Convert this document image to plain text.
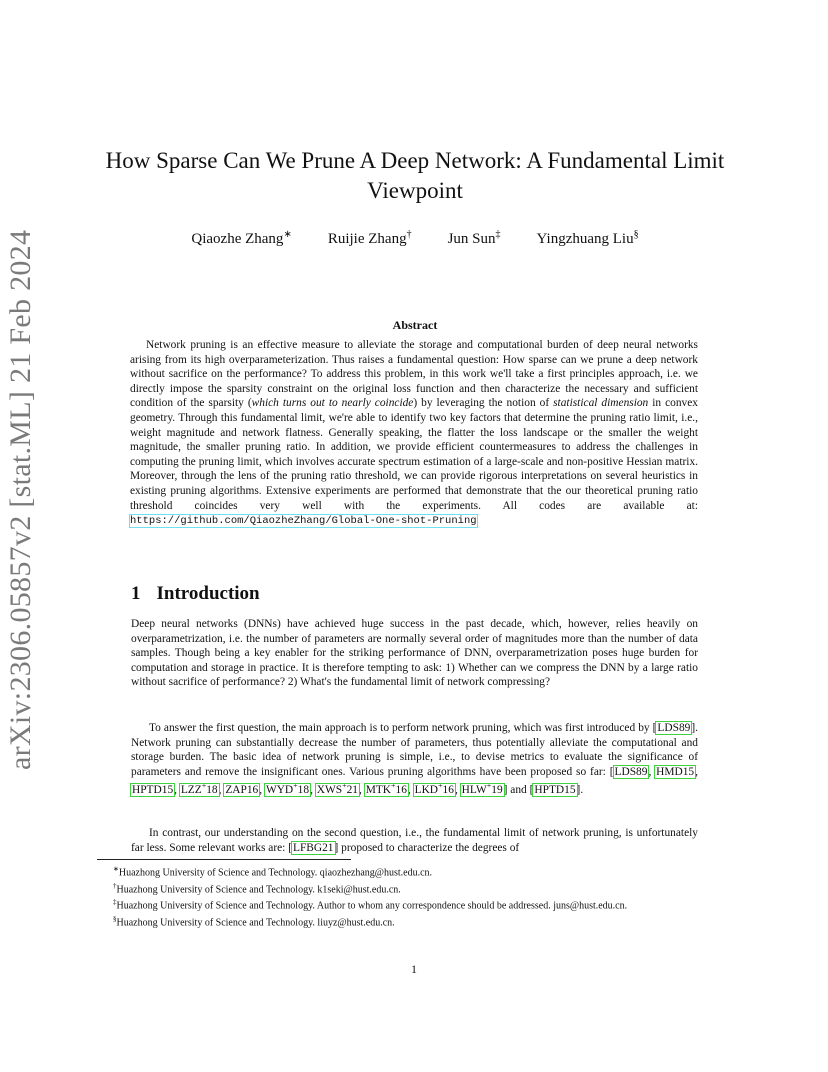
arXiv:2306.05857v2 [stat.ML] 21 Feb 2024
How Sparse Can We Prune A Deep Network: A Fundamental Limit Viewpoint
Qiaozhe Zhang∗ Ruijie Zhang† Jun Sun‡ Yingzhuang Liu§
Abstract

Network pruning is an effective measure to alleviate the storage and computational burden of deep neural networks arising from its high overparameterization. Thus raises a fundamental question: How sparse can we prune a deep network without sacrifice on the performance? To address this problem, in this work we'll take a first principles approach, i.e. we directly impose the sparsity constraint on the original loss function and then characterize the necessary and sufficient condition of the sparsity (which turns out to nearly coincide) by leveraging the notion of statistical dimension in convex geometry. Through this fundamental limit, we're able to identify two key factors that determine the pruning ratio limit, i.e., weight magnitude and network flatness. Generally speaking, the flatter the loss landscape or the smaller the weight magnitude, the smaller pruning ratio. In addition, we provide efficient countermeasures to address the challenges in computing the pruning limit, which involves accurate spectrum estimation of a large-scale and non-positive Hessian matrix. Moreover, through the lens of the pruning ratio threshold, we can provide rigorous interpretations on several heuristics in existing pruning algorithms. Extensive experiments are performed that demonstrate that the our theoretical pruning ratio threshold coincides very well with the experiments. All codes are available at: https://github.com/QiaozheZhang/Global-One-shot-Pruning

1 Introduction

Deep neural networks (DNNs) have achieved huge success in the past decade, which, however, relies heavily on overparametrization, i.e. the number of parameters are normally several order of magnitudes more than the number of data samples. Though being a key enabler for the striking performance of DNN, overparametrization poses huge burden for computation and storage in practice. It is therefore tempting to ask: 1) Whether can we compress the DNN by a large ratio without sacrifice of performance? 2) What's the fundamental limit of network compressing?

To answer the first question, the main approach is to perform network pruning, which was first introduced by [LDS89]. Network pruning can substantially decrease the number of parameters, thus potentially alleviate the computational and storage burden. The basic idea of network pruning is simple, i.e., to devise metrics to evaluate the significance of parameters and remove the insignificant ones. Various pruning algorithms have been proposed so far: [LDS89, HMD15, HPTD15, LZZ+18, ZAP16, WYD+18, XWS+21, MTK+16, LKD+16, HLW+19] and [HPTD15].

In contrast, our understanding on the second question, i.e., the fundamental limit of network pruning, is unfortunately far less. Some relevant works are: [LFBG21] proposed to characterize the degrees of

∗Huazhong University of Science and Technology. qiaozhezhang@hust.edu.cn.
†Huazhong University of Science and Technology. k1seki@hust.edu.cn.
‡Huazhong University of Science and Technology. Author to whom any correspondence should be addressed. juns@hust.edu.cn.
§Huazhong University of Science and Technology. liuyz@hust.edu.cn.
1
